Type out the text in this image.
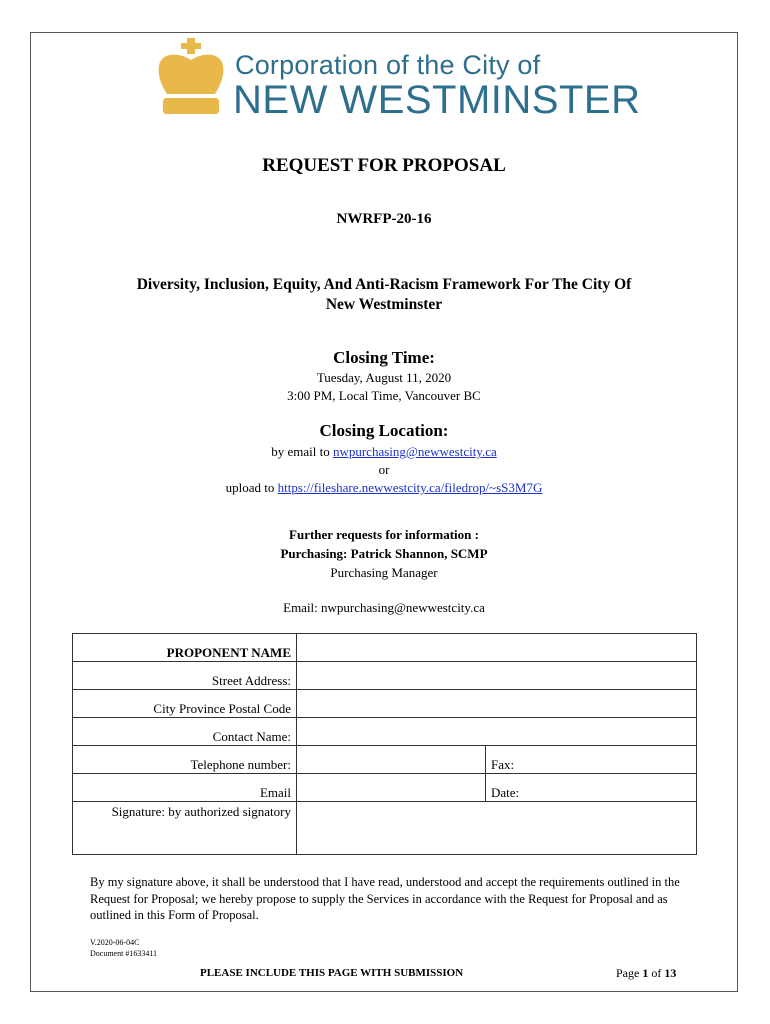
Corporation of the City of
NEW WESTMINSTER
REQUEST FOR PROPOSAL
NWRFP-20-16
Diversity, Inclusion, Equity, And Anti-Racism Framework For The City Of
New Westminster
Closing Time:
Tuesday, August 11, 2020
3:00 PM, Local Time, Vancouver BC
Closing Location:
by email to nwpurchasing@newwestcity.ca
or
upload to https://fileshare.newwestcity.ca/filedrop/~sS3M7G
Further requests for information :
Purchasing: Patrick Shannon, SCMP
Purchasing Manager
Email: nwpurchasing@newwestcity.ca
PROPONENT NAME		
Street Address:		
City Province Postal Code		
Contact Name:		
Telephone number:		Fax:
Email		Date:
Signature: by authorized signatory		
By my signature above, it shall be understood that I have read, understood and accept the requirements outlined in the Request for Proposal; we hereby propose to supply the Services in accordance with the Request for Proposal and as outlined in this Form of Proposal.
V.2020-06-04C
Document #1633411
PLEASE INCLUDE THIS PAGE WITH SUBMISSION	Page 1 of 13
